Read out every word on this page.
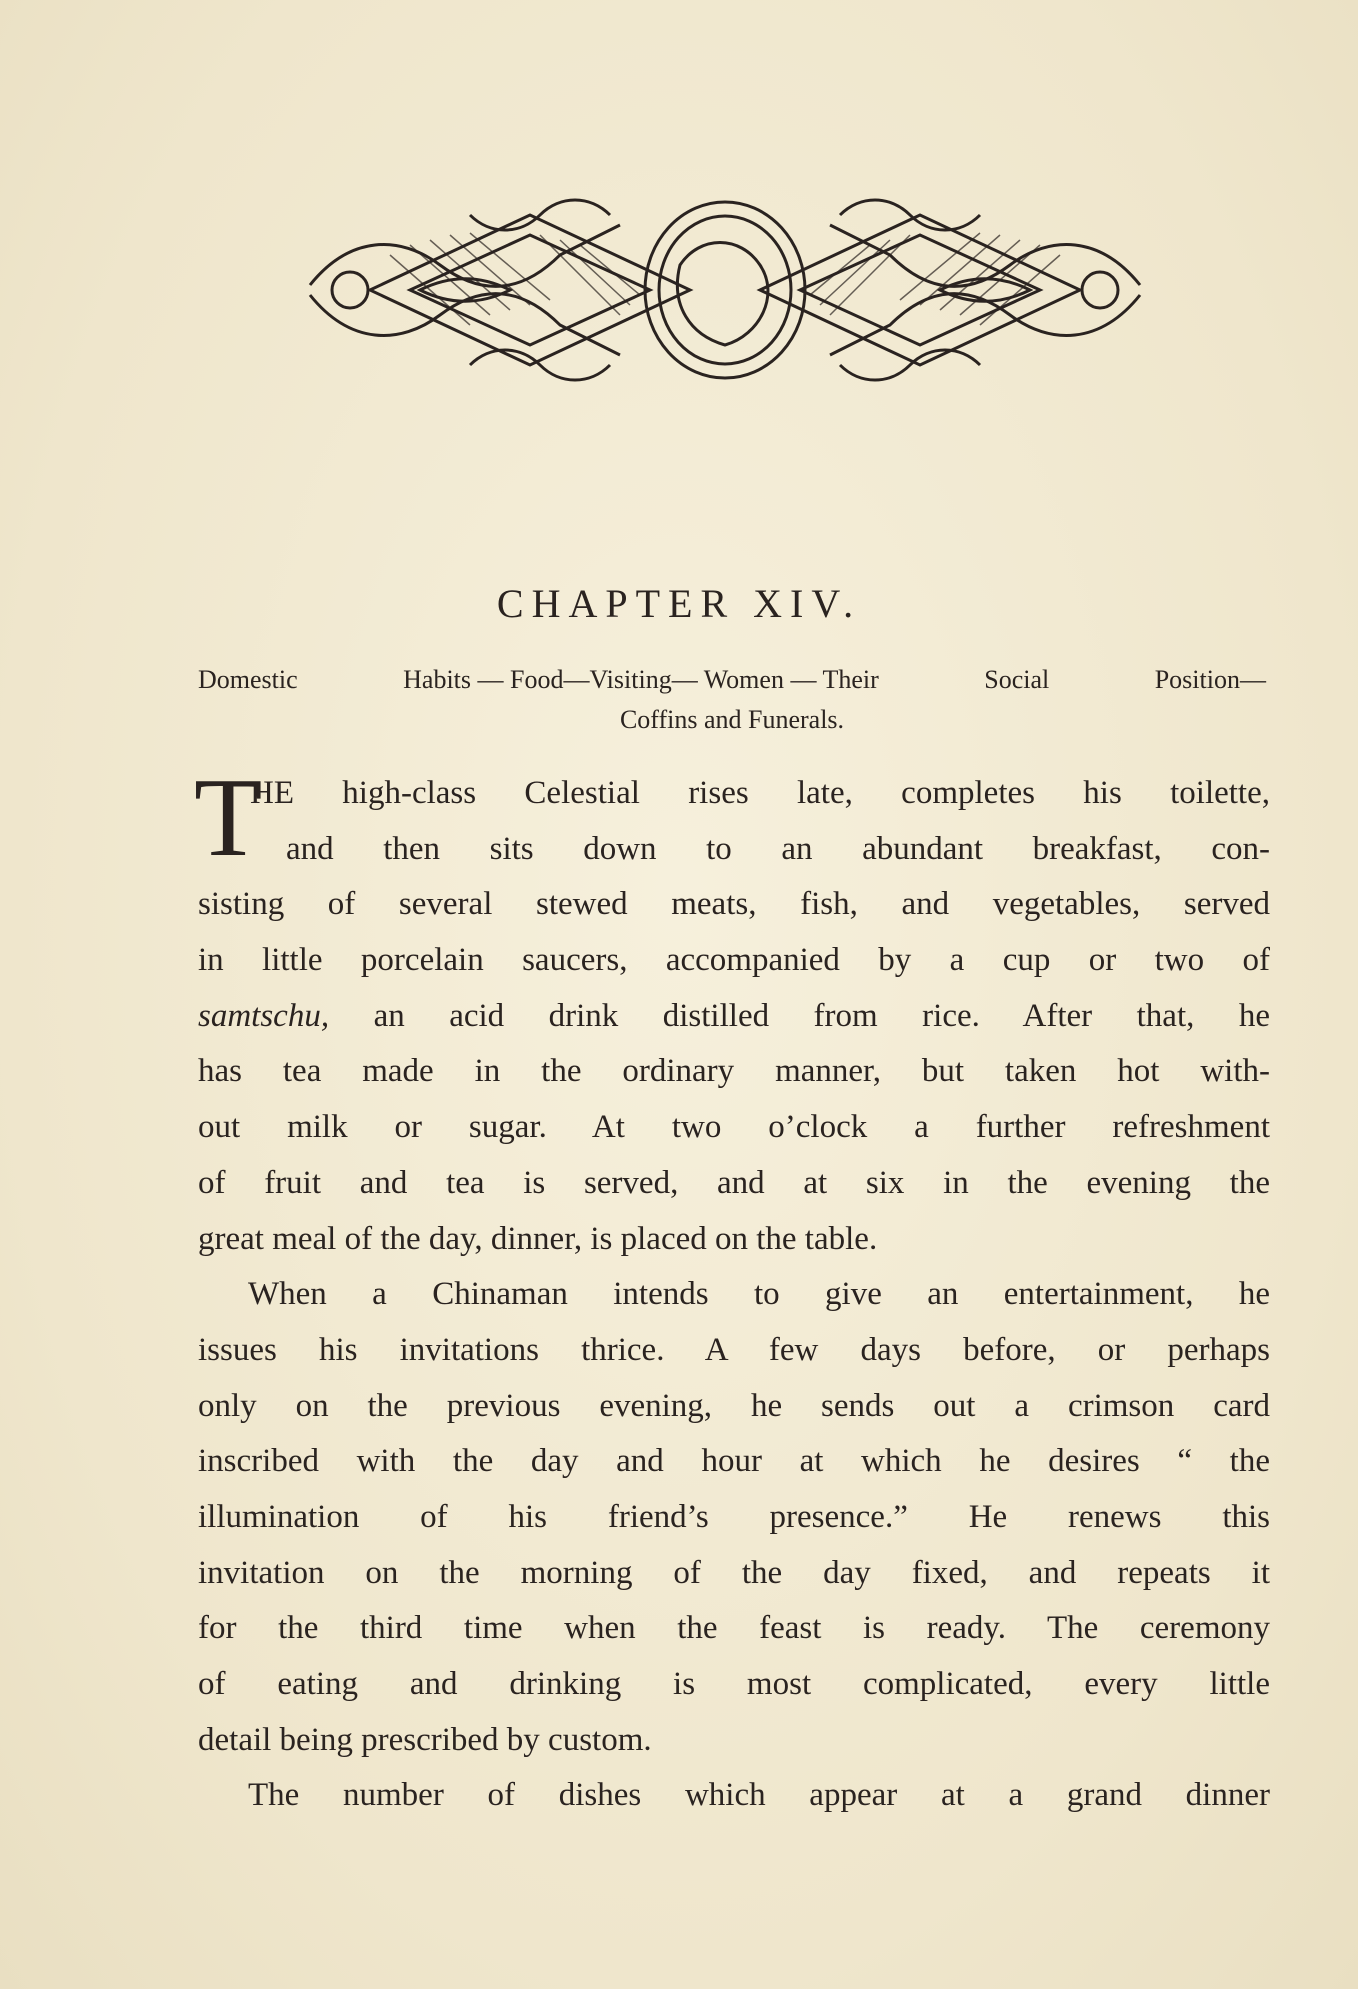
CHAPTER XIV.
Domestic	Habits — Food—Visiting— Women — Their	Social	Position—
Coffins and Funerals.
T
HE high-class Celestial rises late, completes his toilette,
and then sits down to an abundant breakfast, con-
sisting of several stewed meats, fish, and vegetables, served
in little porcelain saucers, accompanied by a cup or two of
samtschu, an acid drink distilled from rice. After that, he
has tea made in the ordinary manner, but taken hot with-
out milk or sugar. At two o’clock a further refreshment
of fruit and tea is served, and at six in the evening the
great meal of the day, dinner, is placed on the table.
When a Chinaman intends to give an entertainment, he
issues his invitations thrice. A few days before, or perhaps
only on the previous evening, he sends out a crimson card
inscribed with the day and hour at which he desires “ the
illumination of his friend’s presence.” He renews this
invitation on the morning of the day fixed, and repeats it
for the third time when the feast is ready. The ceremony
of eating and drinking is most complicated, every little
detail being prescribed by custom.
The number of dishes which appear at a grand dinner
